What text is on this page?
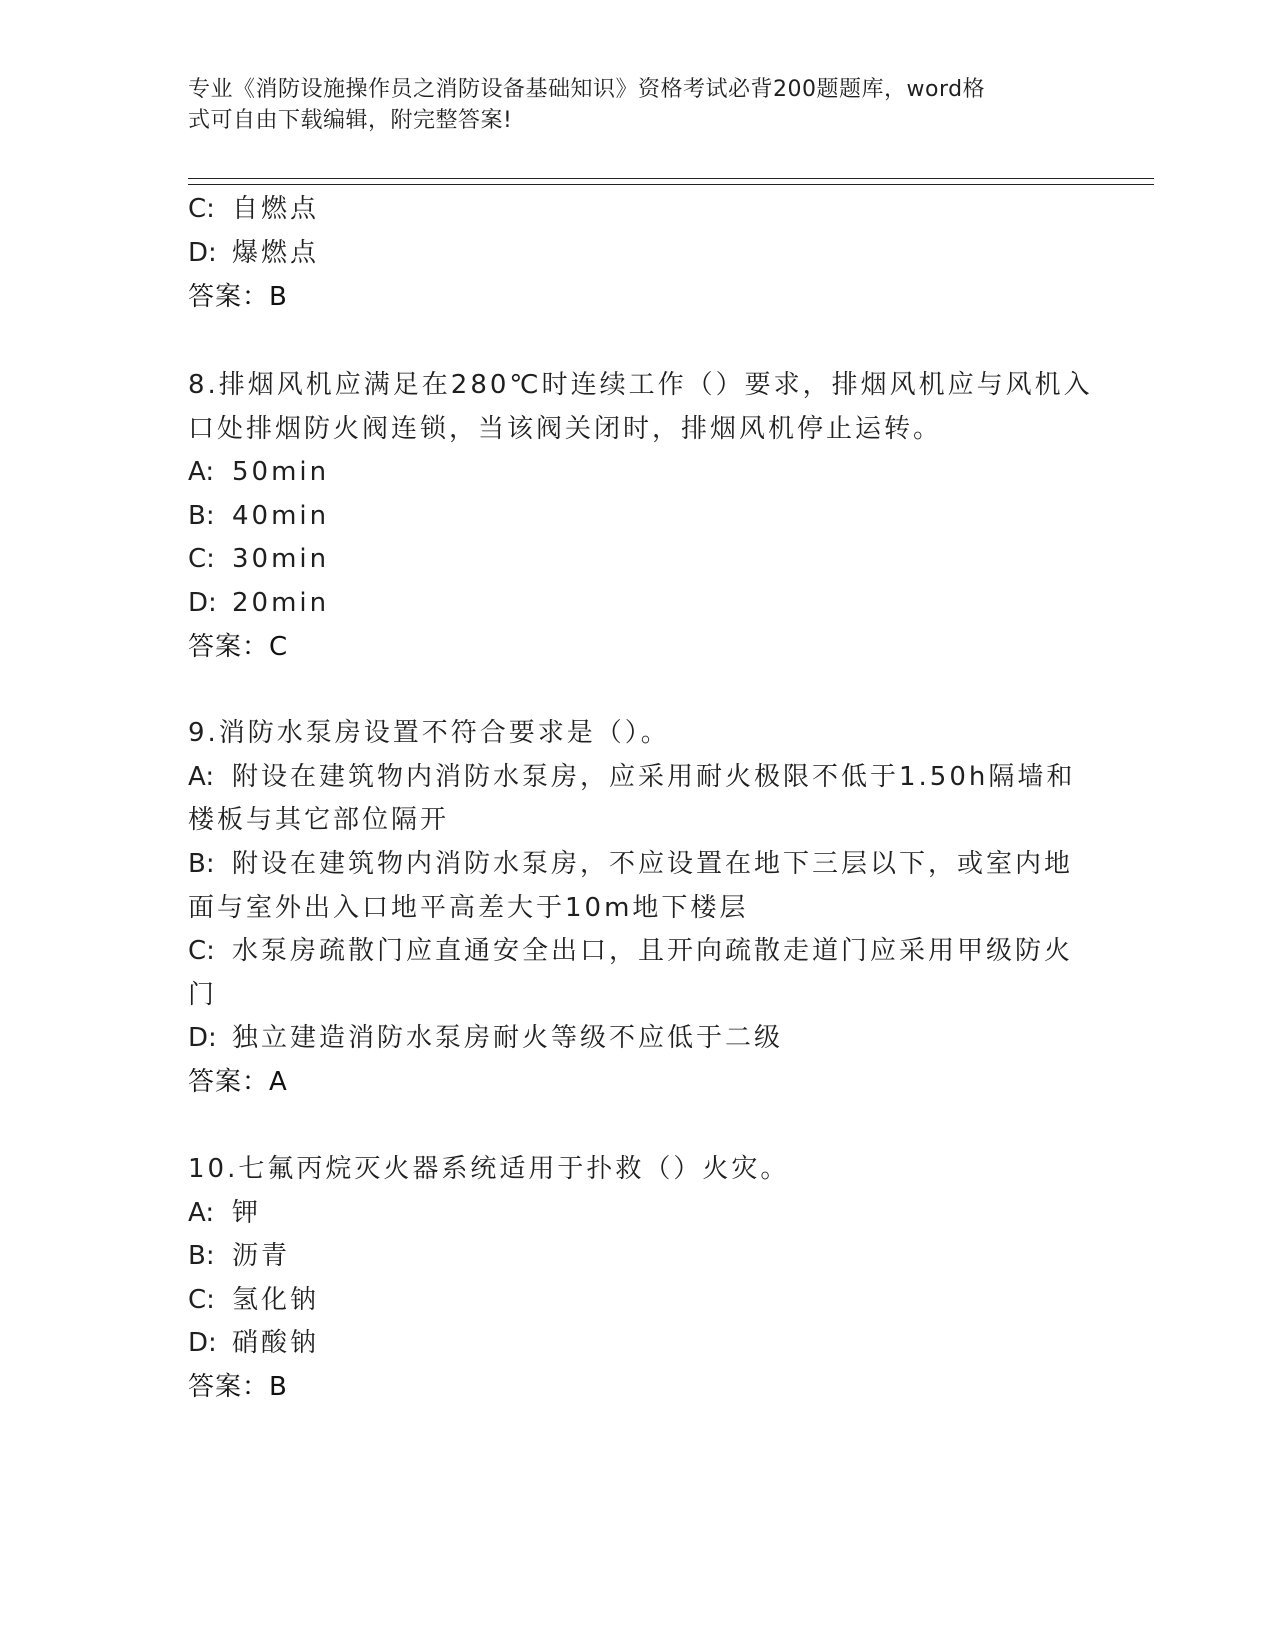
专业《消防设施操作员之消防设备基础知识》资格考试必背200题题库，word格
式可自由下载编辑，附完整答案!
C: 自燃点
D: 爆燃点
答案：B
8.排烟风机应满足在280℃时连续工作（）要求，排烟风机应与风机入
口处排烟防火阀连锁，当该阀关闭时，排烟风机停止运转。
A: 50min
B: 40min
C: 30min
D: 20min
答案：C
9.消防水泵房设置不符合要求是（）。
A: 附设在建筑物内消防水泵房，应采用耐火极限不低于1.50h隔墙和
楼板与其它部位隔开
B: 附设在建筑物内消防水泵房，不应设置在地下三层以下，或室内地
面与室外出入口地平高差大于10m地下楼层
C: 水泵房疏散门应直通安全出口，且开向疏散走道门应采用甲级防火
门
D: 独立建造消防水泵房耐火等级不应低于二级
答案：A
10.七氟丙烷灭火器系统适用于扑救（）火灾。
A: 钾
B: 沥青
C: 氢化钠
D: 硝酸钠
答案：B
